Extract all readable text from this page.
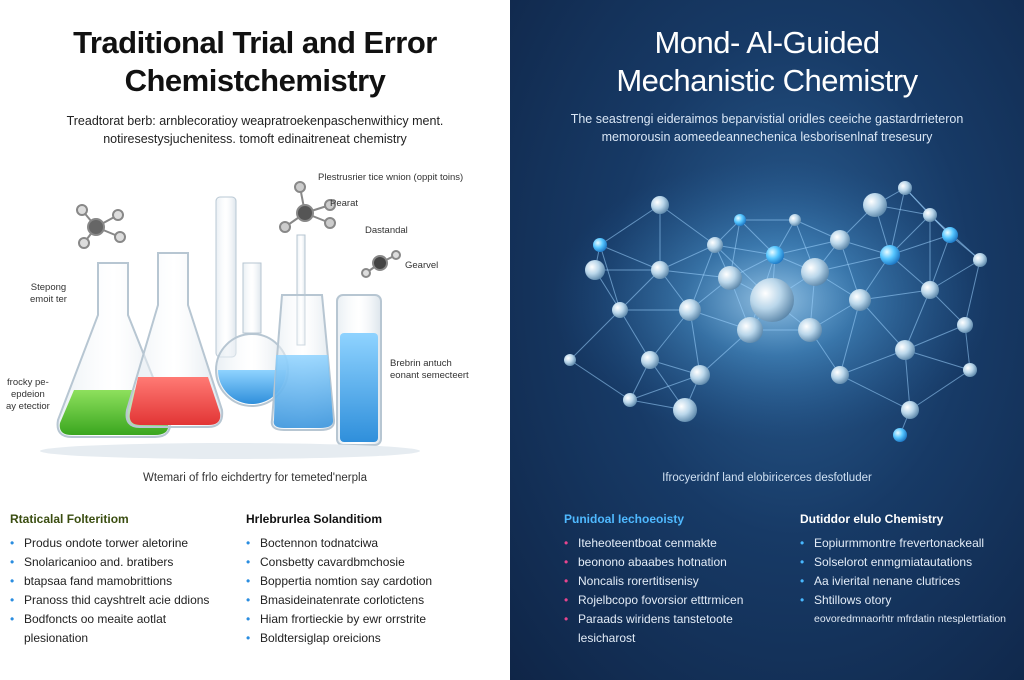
Traditional Trial and Error
Chemistchemistry
Treadtorat berb: arnblecoratioy weapratroekenpaschenwithicy ment.
notiresestysjuchenitess. tomoft edinaitreneat chemistry
Plestrusrier tice wnion (oppit toins)
Pearat
Dastandal
Gearvel
Stepong
emoit ter
frocky pe-
epdeion
ay etectior
Brebrin antuch
eonant semecteert
Wtemari of frlo eichdertry for temeted'nerpla
Rtaticalal Folteritiom
• Produs ondote torwer aletorine
• Snolaricanioo and. bratibers
• btapsaa fand mamobrittions
• Pranoss thid cayshtrelt acie ddions
• Bodfoncts oo meaite aotlat
plesionation
Hrlebrurlea Solanditiom
• Boctennon todnatciwa
• Consbetty cavardbmchosie
• Boppertia nomtion say cardotion
• Bmasideinatenrate corlotictens
• Hiam frortieckie by ewr orrstrite
• Boldtersiglap oreicions
Mond- Al-Guided
Mechanistic Chemistry
The seastrengi eideraimos beparvistial oridles ceeiche gastardrrieteron
memorousin aomeedeannechenica lesborisenlnaf tresesury
Ifrocyeridnf land elobiricerces desfotluder
Punidoal Iechoeoisty
• Iteheoteentboat cenmakte
• beonono abaabes hotnation
• Noncalis rorertitisenisy
• Rojelbcopo fovorsior etttrmicen
• Paraads wiridens tanstetoote
lesicharost
Dutiddor elulo Chemistry
• Eopiurmmontre frevertonackeall
• Solselorot enmgmiatautations
• Aa ivierital nenane clutrices
• Shtillows otory
eovoredmnaorhtr mfrdatin ntespletrtiation
